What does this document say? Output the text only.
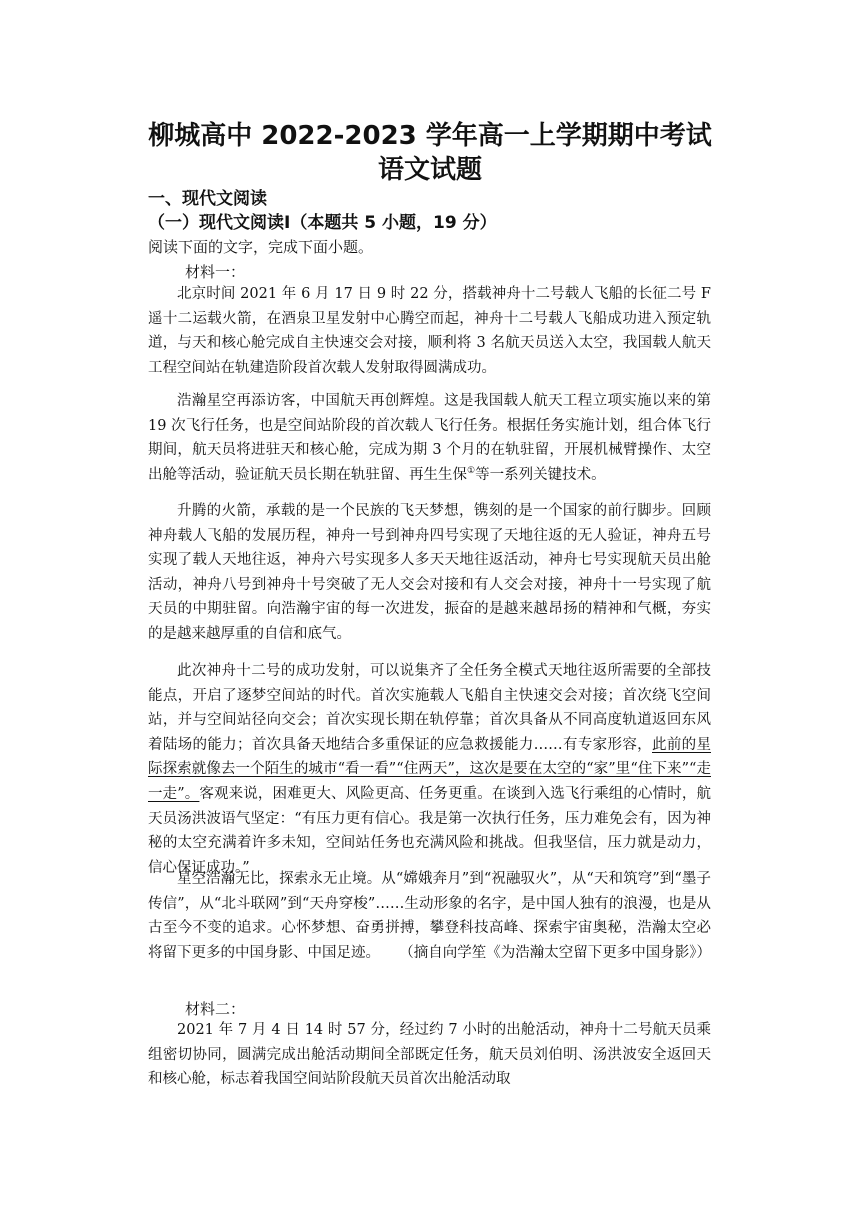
柳城高中 2022-2023 学年高一上学期期中考试
语文试题
一、现代文阅读
（一）现代文阅读Ⅰ（本题共 5 小题，19 分）
阅读下面的文字，完成下面小题。
材料一：

北京时间 2021 年 6 月 17 日 9 时 22 分，搭载神舟十二号载人飞船的长征二号 F 遥十二运载火箭，在酒泉卫星发射中心腾空而起，神舟十二号载人飞船成功进入预定轨道，与天和核心舱完成自主快速交会对接，顺利将 3 名航天员送入太空，我国载人航天工程空间站在轨建造阶段首次载人发射取得圆满成功。

浩瀚星空再添访客，中国航天再创辉煌。这是我国载人航天工程立项实施以来的第 19 次飞行任务，也是空间站阶段的首次载人飞行任务。根据任务实施计划，组合体飞行期间，航天员将进驻天和核心舱，完成为期 3 个月的在轨驻留，开展机械臂操作、太空出舱等活动，验证航天员长期在轨驻留、再生生保①等一系列关键技术。

升腾的火箭，承载的是一个民族的飞天梦想，镌刻的是一个国家的前行脚步。回顾神舟载人飞船的发展历程，神舟一号到神舟四号实现了天地往返的无人验证，神舟五号实现了载人天地往返，神舟六号实现多人多天天地往返活动，神舟七号实现航天员出舱活动，神舟八号到神舟十号突破了无人交会对接和有人交会对接，神舟十一号实现了航天员的中期驻留。向浩瀚宇宙的每一次进发，振奋的是越来越昂扬的精神和气概，夯实的是越来越厚重的自信和底气。

此次神舟十二号的成功发射，可以说集齐了全任务全模式天地往返所需要的全部技能点，开启了逐梦空间站的时代。首次实施载人飞船自主快速交会对接；首次绕飞空间站，并与空间站径向交会；首次实现长期在轨停靠；首次具备从不同高度轨道返回东风着陆场的能力；首次具备天地结合多重保证的应急救援能力……有专家形容，此前的星际探索就像去一个陌生的城市“看一看”“住两天”，这次是要在太空的“家”里“住下来”“走一走”。客观来说，困难更大、风险更高、任务更重。在谈到入选飞行乘组的心情时，航天员汤洪波语气坚定：“有压力更有信心。我是第一次执行任务，压力难免会有，因为神秘的太空充满着许多未知，空间站任务也充满风险和挑战。但我坚信，压力就是动力，信心保证成功。”

星空浩瀚无比，探索永无止境。从“嫦娥奔月”到“祝融驭火”，从“天和筑穹”到“墨子传信”，从“北斗联网”到“天舟穿梭”……生动形象的名字，是中国人独有的浪漫，也是从古至今不变的追求。心怀梦想、奋勇拼搏，攀登科技高峰、探索宇宙奥秘，浩瀚太空必将留下更多的中国身影、中国足迹。 （摘自向学笙《为浩瀚太空留下更多中国身影》）

材料二：

2021 年 7 月 4 日 14 时 57 分，经过约 7 小时的出舱活动，神舟十二号航天员乘组密切协同，圆满完成出舱活动期间全部既定任务，航天员刘伯明、汤洪波安全返回天和核心舱，标志着我国空间站阶段航天员首次出舱活动取
